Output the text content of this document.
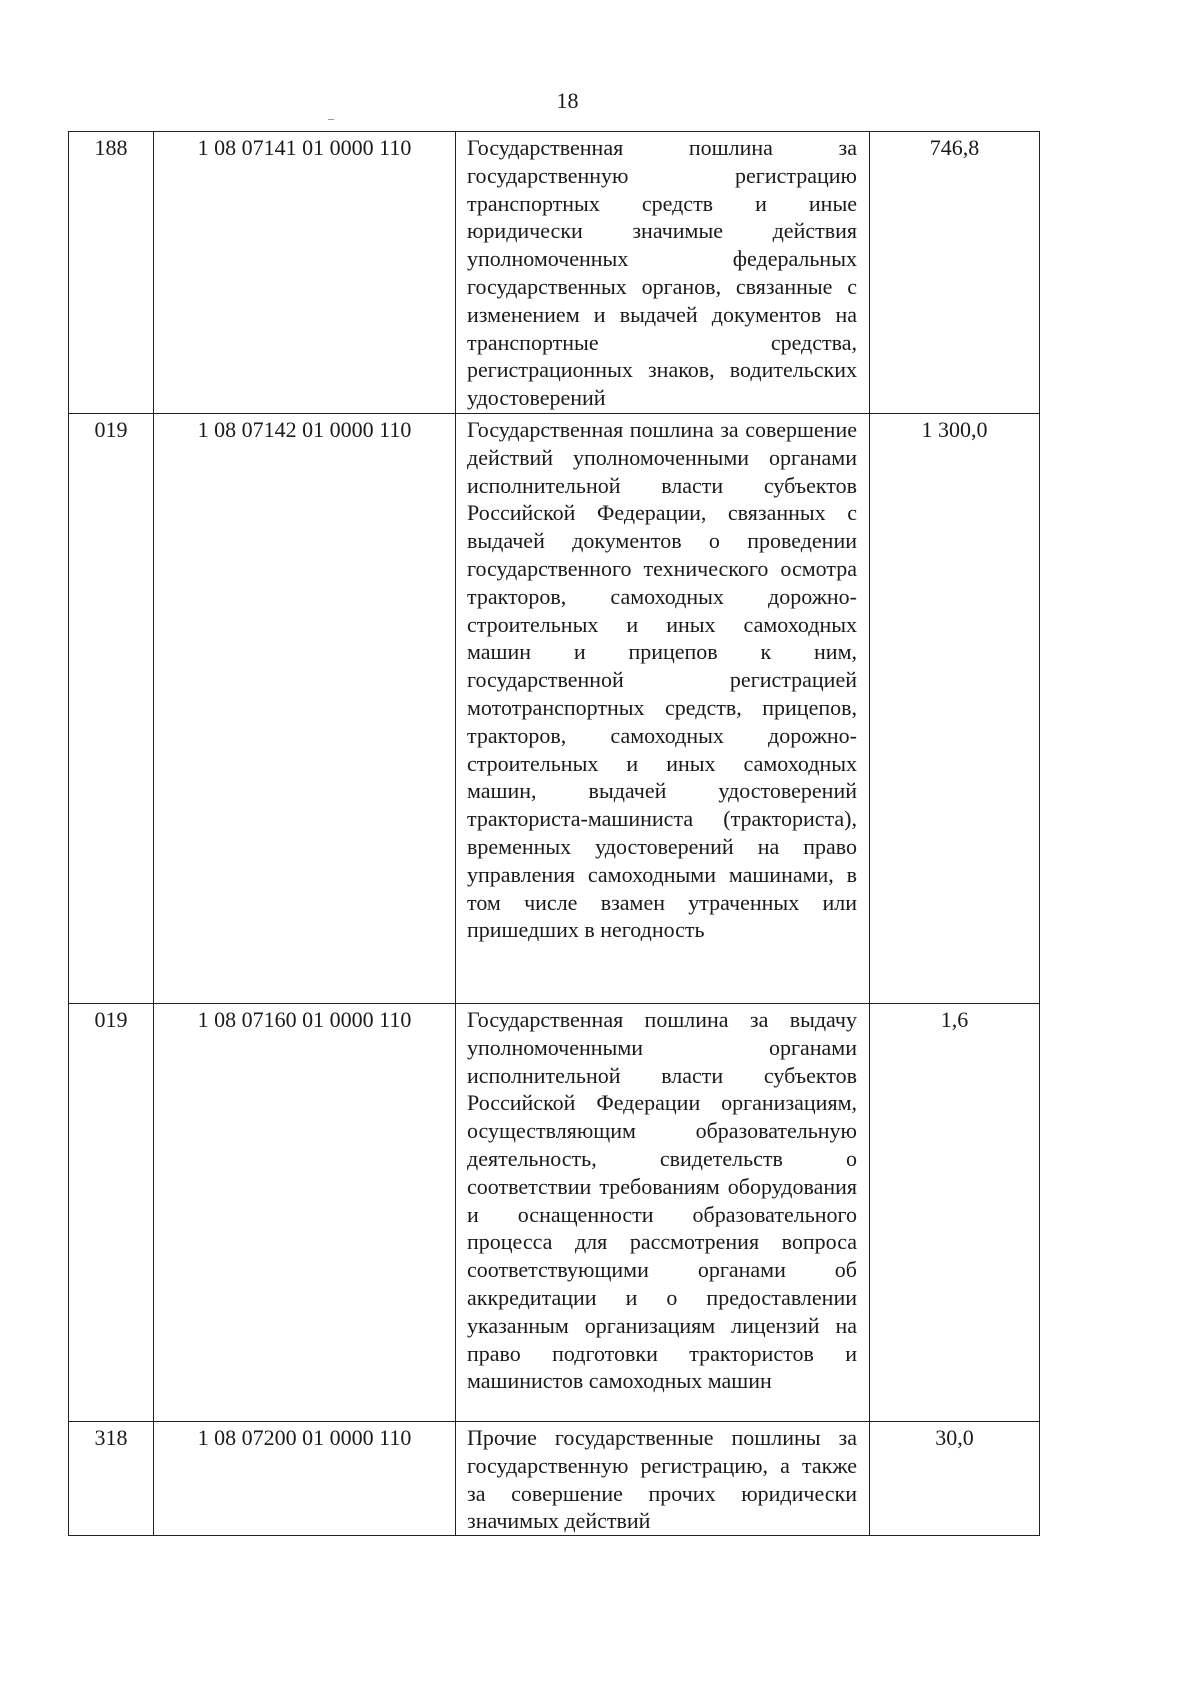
18
188	1 08 07141 01 0000 110	Государственная пошлина за государственную регистрацию транспортных средств и иные юридически значимые действия уполномоченных федеральных государственных органов, связанные с изменением и выдачей документов на транспортные средства, регистрационных знаков, водительских удостоверений	746,8
019	1 08 07142 01 0000 110	Государственная пошлина за совершение действий уполномоченными органами исполнительной власти субъектов Российской Федерации, связанных с выдачей документов о проведении государственного технического осмотра тракторов, самоходных дорожно-строительных и иных самоходных машин и прицепов к ним, государственной регистрацией мототранспортных средств, прицепов, тракторов, самоходных дорожно-строительных и иных самоходных машин, выдачей удостоверений тракториста-машиниста (тракториста), временных удостоверений на право управления самоходными машинами, в том числе взамен утраченных или пришедших в негодность	1 300,0
019	1 08 07160 01 0000 110	Государственная пошлина за выдачу уполномоченными органами исполнительной власти субъектов Российской Федерации организациям, осуществляющим образовательную деятельность, свидетельств о соответствии требованиям оборудования и оснащенности образовательного процесса для рассмотрения вопроса соответствующими органами об аккредитации и о предоставлении указанным организациям лицензий на право подготовки трактористов и машинистов самоходных машин	1,6
318	1 08 07200 01 0000 110	Прочие государственные пошлины за государственную регистрацию, а также за совершение прочих юридически значимых действий	30,0
